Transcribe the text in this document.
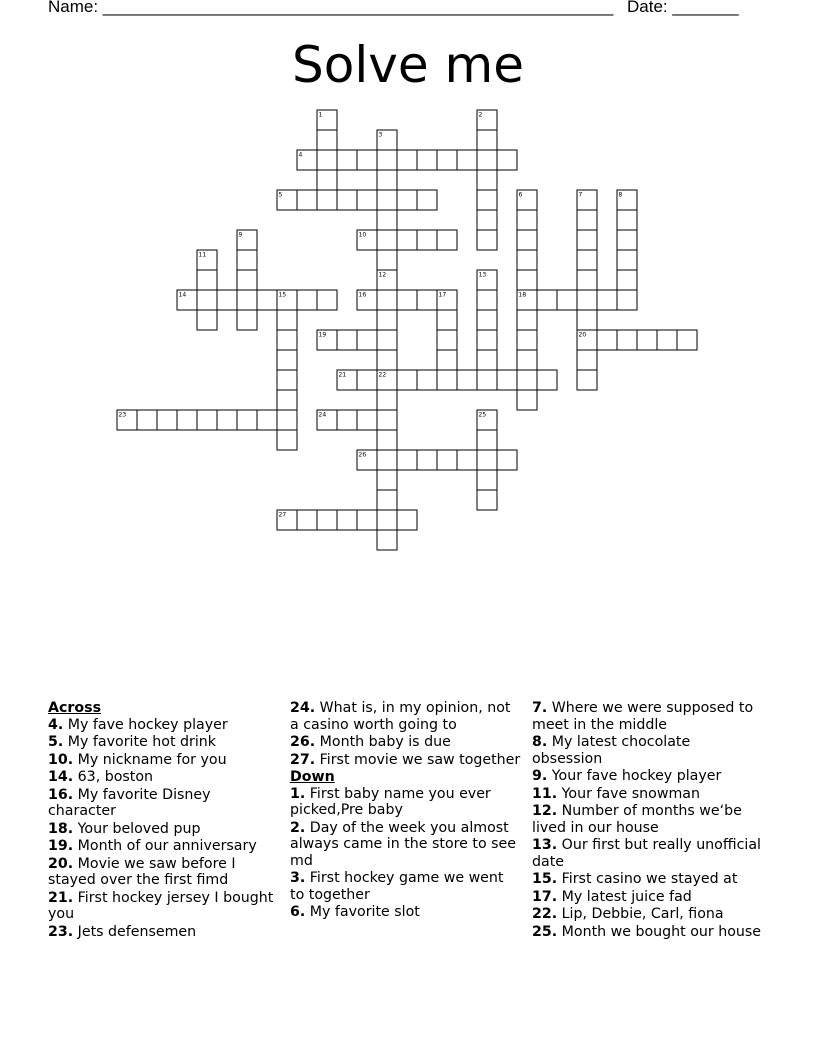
Name: ______________________________________________________ Date: _______
Solve me
1	2
3
4
5	6	7	8
9	10
11
12	13
14	15	16	17	18
19	20
21	22
23	24	25
26
27
Across
4. My fave hockey player
5. My favorite hot drink
10. My nickname for you
14. 63, boston
16. My favorite Disney character
18. Your beloved pup
19. Month of our anniversary
20. Movie we saw before I stayed over the first fimd
21. First hockey jersey I bought you
23. Jets defensemen
24. What is, in my opinion, not a casino worth going to
26. Month baby is due
27. First movie we saw together
Down
1. First baby name you ever picked,Pre baby
2. Day of the week you almost always came in the store to see md
3. First hockey game we went to together
6. My favorite slot
7. Where we were supposed to meet in the middle
8. My latest chocolate obsession
9. Your fave hockey player
11. Your fave snowman
12. Number of months we‘be lived in our house
13. Our first but really unofficial date
15. First casino we stayed at
17. My latest juice fad
22. Lip, Debbie, Carl, fiona
25. Month we bought our house
